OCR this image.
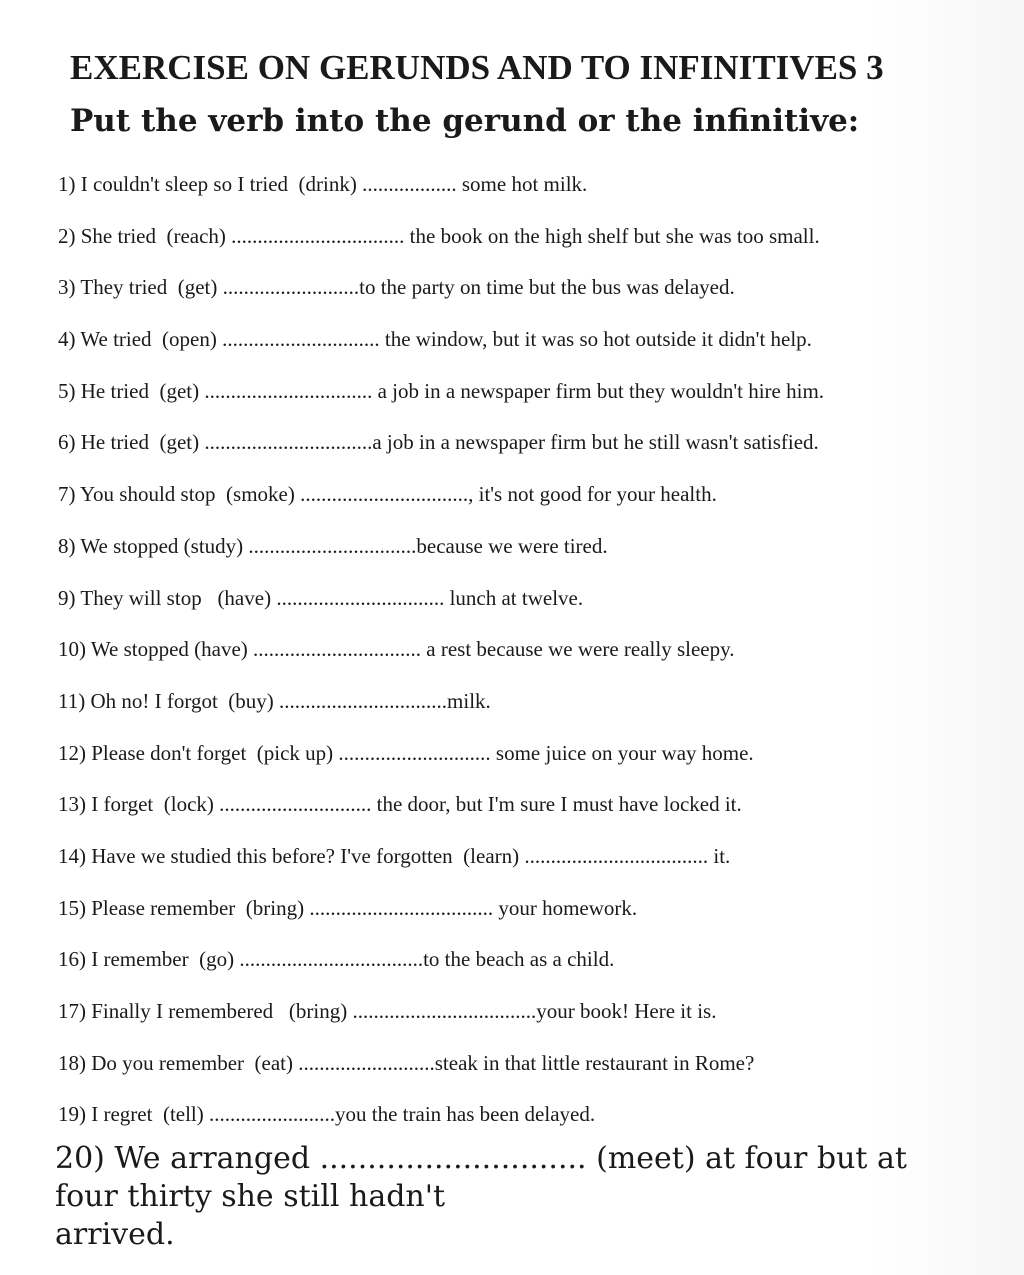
EXERCISE ON GERUNDS AND TO INFINITIVES 3
Put the verb into the gerund or the infinitive:
1) I couldn't sleep so I tried  (drink) .................. some hot milk.
2) She tried  (reach) ................................. the book on the high shelf but she was too small.
3) They tried  (get) ..........................to the party on time but the bus was delayed.
4) We tried  (open) .............................. the window, but it was so hot outside it didn't help.
5) He tried  (get) ................................ a job in a newspaper firm but they wouldn't hire him.
6) He tried  (get) ................................a job in a newspaper firm but he still wasn't satisfied.
7) You should stop  (smoke) ................................, it's not good for your health.
8) We stopped (study) ................................because we were tired.
9) They will stop   (have) ................................ lunch at twelve.
10) We stopped (have) ................................ a rest because we were really sleepy.
11) Oh no! I forgot  (buy) ................................milk.
12) Please don't forget  (pick up) ............................. some juice on your way home.
13) I forget  (lock) ............................. the door, but I'm sure I must have locked it.
14) Have we studied this before? I've forgotten  (learn) ................................... it.
15) Please remember  (bring) ................................... your homework.
16) I remember  (go) ...................................to the beach as a child.
17) Finally I remembered   (bring) ...................................your book! Here it is.
18) Do you remember  (eat) ..........................steak in that little restaurant in Rome?
19) I regret  (tell) ........................you the train has been delayed.
20) We arranged ............................ (meet) at four but at
four thirty she still hadn't
arrived.
